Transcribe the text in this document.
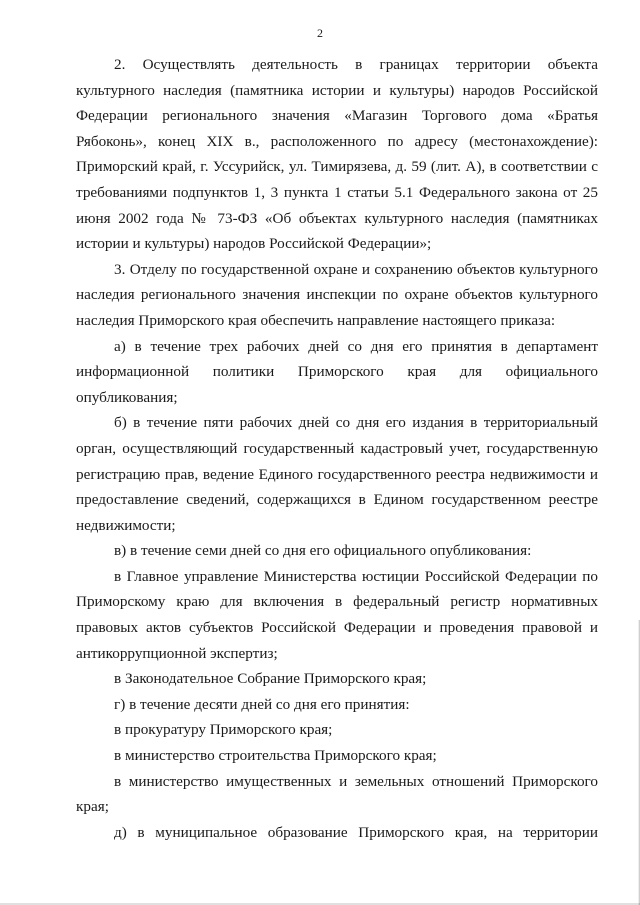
2

2. Осуществлять деятельность в границах территории объекта культурного наследия (памятника истории и культуры) народов Российской Федерации регионального значения «Магазин Торгового дома «Братья Рябоконь», конец XIX в., расположенного по адресу (местонахождение): Приморский край, г. Уссурийск, ул. Тимирязева, д. 59 (лит. А), в соответствии с требованиями подпунктов 1, 3 пункта 1 статьи 5.1 Федерального закона от 25 июня 2002 года № 73-ФЗ «Об объектах культурного наследия (памятниках истории и культуры) народов Российской Федерации»;

3. Отделу по государственной охране и сохранению объектов культурного наследия регионального значения инспекции по охране объектов культурного наследия Приморского края обеспечить направление настоящего приказа:

а) в течение трех рабочих дней со дня его принятия в департамент информационной политики Приморского края для официального опубликования;

б) в течение пяти рабочих дней со дня его издания в территориальный орган, осуществляющий государственный кадастровый учет, государственную регистрацию прав, ведение Единого государственного реестра недвижимости и предоставление сведений, содержащихся в Едином государственном реестре недвижимости;

в) в течение семи дней со дня его официального опубликования:

в Главное управление Министерства юстиции Российской Федерации по Приморскому краю для включения в федеральный регистр нормативных правовых актов субъектов Российской Федерации и проведения правовой и антикоррупционной экспертиз;

в Законодательное Собрание Приморского края;

г) в течение десяти дней со дня его принятия:

в прокуратуру Приморского края;

в министерство строительства Приморского края;

в министерство имущественных и земельных отношений Приморского края;

д) в муниципальное образование Приморского края, на территории
